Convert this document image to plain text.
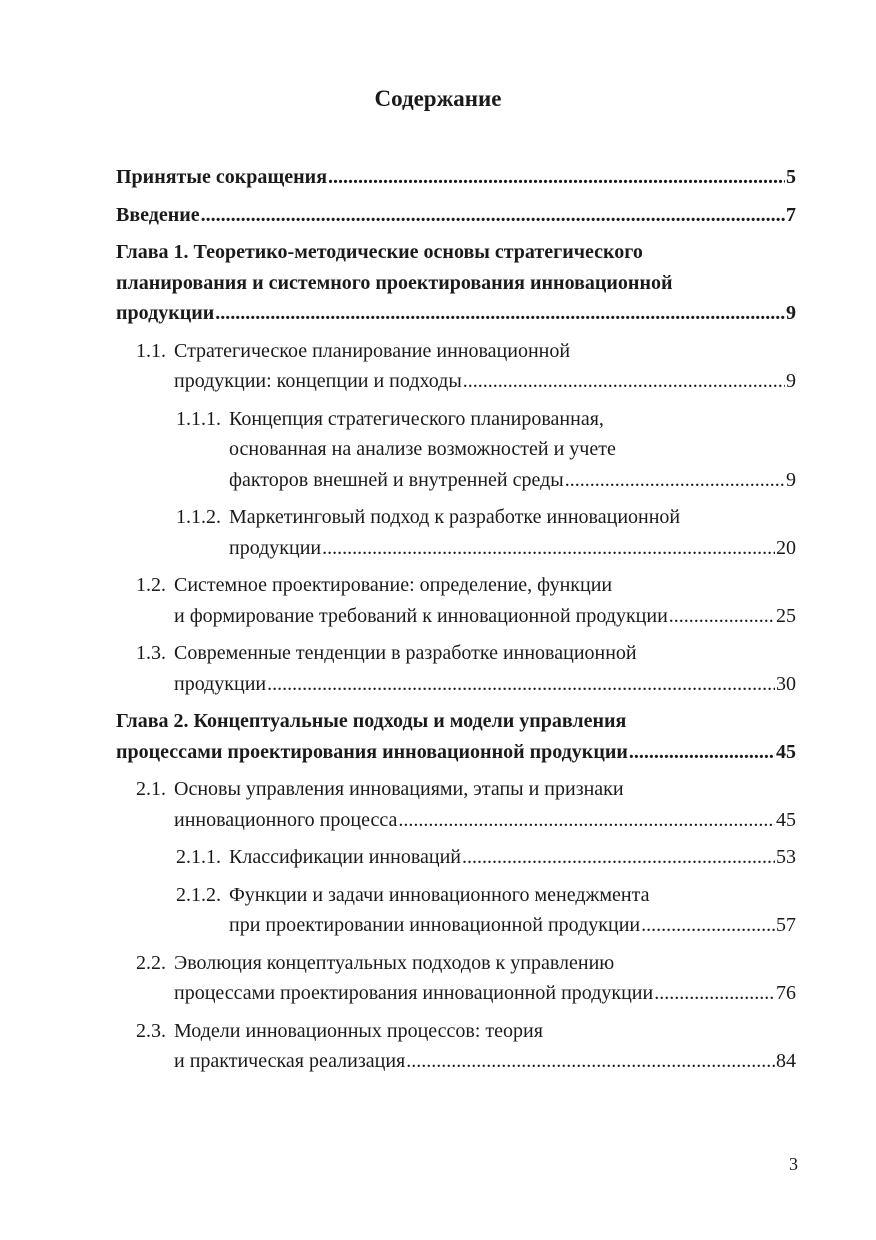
Содержание
Принятые сокращения .....	5
Введение .....	7
Глава 1. Теоретико-методические основы стратегического
планирования и системного проектирования инновационной
продукции .....	9
1.1. Стратегическое планирование инновационной
продукции: концепции и подходы .....	9
1.1.1. Концепция стратегического планированная,
основанная на анализе возможностей и учете
факторов внешней и внутренней среды .....	9
1.1.2. Маркетинговый подход к разработке инновационной
продукции .....	20
1.2. Системное проектирование: определение, функции
и формирование требований к инновационной продукции .....	25
1.3. Современные тенденции в разработке инновационной
продукции .....	30
Глава 2. Концептуальные подходы и модели управления
процессами проектирования инновационной продукции .....	45
2.1. Основы управления инновациями, этапы и признаки
инновационного процесса .....	45
2.1.1. Классификации инноваций .....	53
2.1.2. Функции и задачи инновационного менеджмента
при проектировании инновационной продукции .....	57
2.2. Эволюция концептуальных подходов к управлению
процессами проектирования инновационной продукции .....	76
2.3. Модели инновационных процессов: теория
и практическая реализация .....	84
3
